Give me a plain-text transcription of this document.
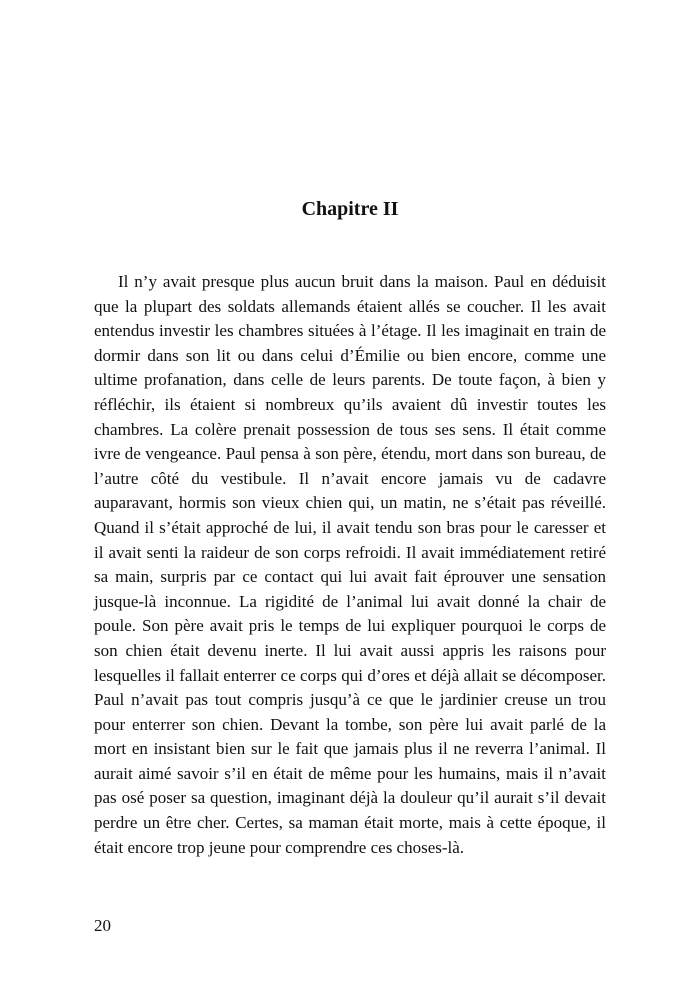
Chapitre II

Il n’y avait presque plus aucun bruit dans la maison. Paul en déduisit que la plupart des soldats allemands étaient allés se coucher. Il les avait entendus investir les chambres situées à l’étage. Il les imaginait en train de dormir dans son lit ou dans celui d’Émilie ou bien encore, comme une ultime profanation, dans celle de leurs parents. De toute façon, à bien y réfléchir, ils étaient si nombreux qu’ils avaient dû investir toutes les chambres. La colère prenait possession de tous ses sens. Il était comme ivre de vengeance. Paul pensa à son père, étendu, mort dans son bureau, de l’autre côté du vestibule. Il n’avait encore jamais vu de cadavre auparavant, hormis son vieux chien qui, un matin, ne s’était pas réveillé. Quand il s’était approché de lui, il avait tendu son bras pour le caresser et il avait senti la raideur de son corps refroidi. Il avait immédiatement retiré sa main, surpris par ce contact qui lui avait fait éprouver une sensation jusque-là inconnue. La rigidité de l’animal lui avait donné la chair de poule. Son père avait pris le temps de lui expliquer pourquoi le corps de son chien était devenu inerte. Il lui avait aussi appris les raisons pour lesquelles il fallait enterrer ce corps qui d’ores et déjà allait se décomposer. Paul n’avait pas tout compris jusqu’à ce que le jardinier creuse un trou pour enterrer son chien. Devant la tombe, son père lui avait parlé de la mort en insistant bien sur le fait que jamais plus il ne reverra l’animal. Il aurait aimé savoir s’il en était de même pour les humains, mais il n’avait pas osé poser sa question, imaginant déjà la douleur qu’il aurait s’il devait perdre un être cher. Certes, sa maman était morte, mais à cette époque, il était encore trop jeune pour comprendre ces choses-là.

20
